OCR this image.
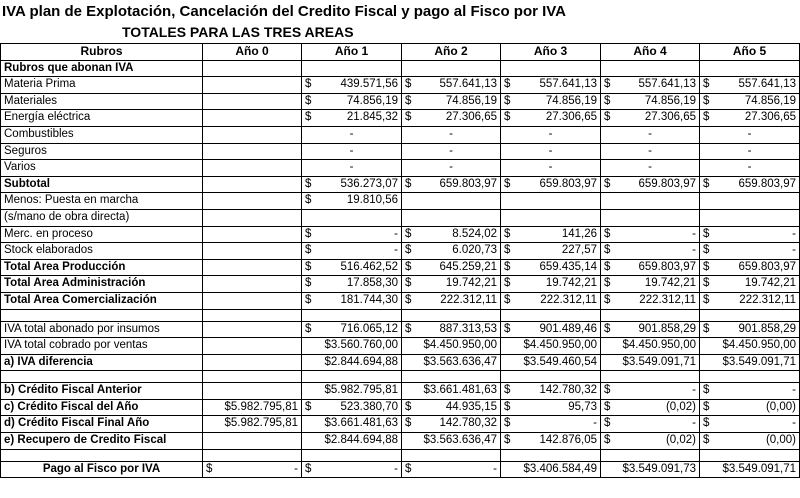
IVA plan de Explotación, Cancelación del Credito Fiscal y pago al Fisco por IVA
TOTALES PARA LAS TRES AREAS
Rubros	Año 0	Año 1	Año 2	Año 3	Año 4	Año 5
Rubros que abonan IVA						
Materia Prima		$ 439.571,56	$ 557.641,13	$ 557.641,13	$ 557.641,13	$ 557.641,13

Materiales		$ 74.856,19	$ 74.856,19	$ 74.856,19	$ 74.856,19	$ 74.856,19

Energía eléctrica		$ 21.845,32	$ 27.306,65	$ 27.306,65	$ 27.306,65	$ 27.306,65

Combustibles		-	-	-	-	-

Seguros		-	-	-	-	-

Varios		-	-	-	-	-

Subtotal		$ 536.273,07	$ 659.803,97	$ 659.803,97	$ 659.803,97	$ 659.803,97

Menos: Puesta en marcha		$ 19.810,56				

(s/mano de obra directa)						
Merc. en proceso		$ -	$ 8.524,02	$ 141,26	$ -	$ -

Stock elaborados		$ -	$ 6.020,73	$ 227,57	$ -	$ -

Total Area Producción		$ 516.462,52	$ 645.259,21	$ 659.435,14	$ 659.803,97	$ 659.803,97

Total Area Administración		$ 17.858,30	$ 19.742,21	$ 19.742,21	$ 19.742,21	$ 19.742,21

Total Area Comercialización		$ 181.744,30	$ 222.312,11	$ 222.312,11	$ 222.312,11	$ 222.312,11

IVA total abonado por insumos		$ 716.065,12	$ 887.313,53	$ 901.489,46	$ 901.858,29	$ 901.858,29

IVA total cobrado por ventas		$3.560.760,00	$4.450.950,00	$4.450.950,00	$4.450.950,00	$4.450.950,00

a) IVA diferencia		$2.844.694,88	$3.563.636,47	$3.549.460,54	$3.549.091,71	$3.549.091,71

b) Crédito Fiscal Anterior		$5.982.795,81	$3.661.481,63	$ 142.780,32	$ -	$ -

c) Crédito Fiscal del Año	$5.982.795,81	$ 523.380,70	$ 44.935,15	$ 95,73	$ (0,02)	$ (0,00)

d) Crédito Fiscal Final Año	$5.982.795,81	$3.661.481,63	$ 142.780,32	$ -	$ -	$ -

e) Recupero de Credito Fiscal		$2.844.694,88	$3.563.636,47	$ 142.876,05	$ (0,02)	$ (0,00)

Pago al Fisco por IVA	$ -	$ -	$ -	$3.406.584,49	$3.549.091,73	$3.549.091,71
